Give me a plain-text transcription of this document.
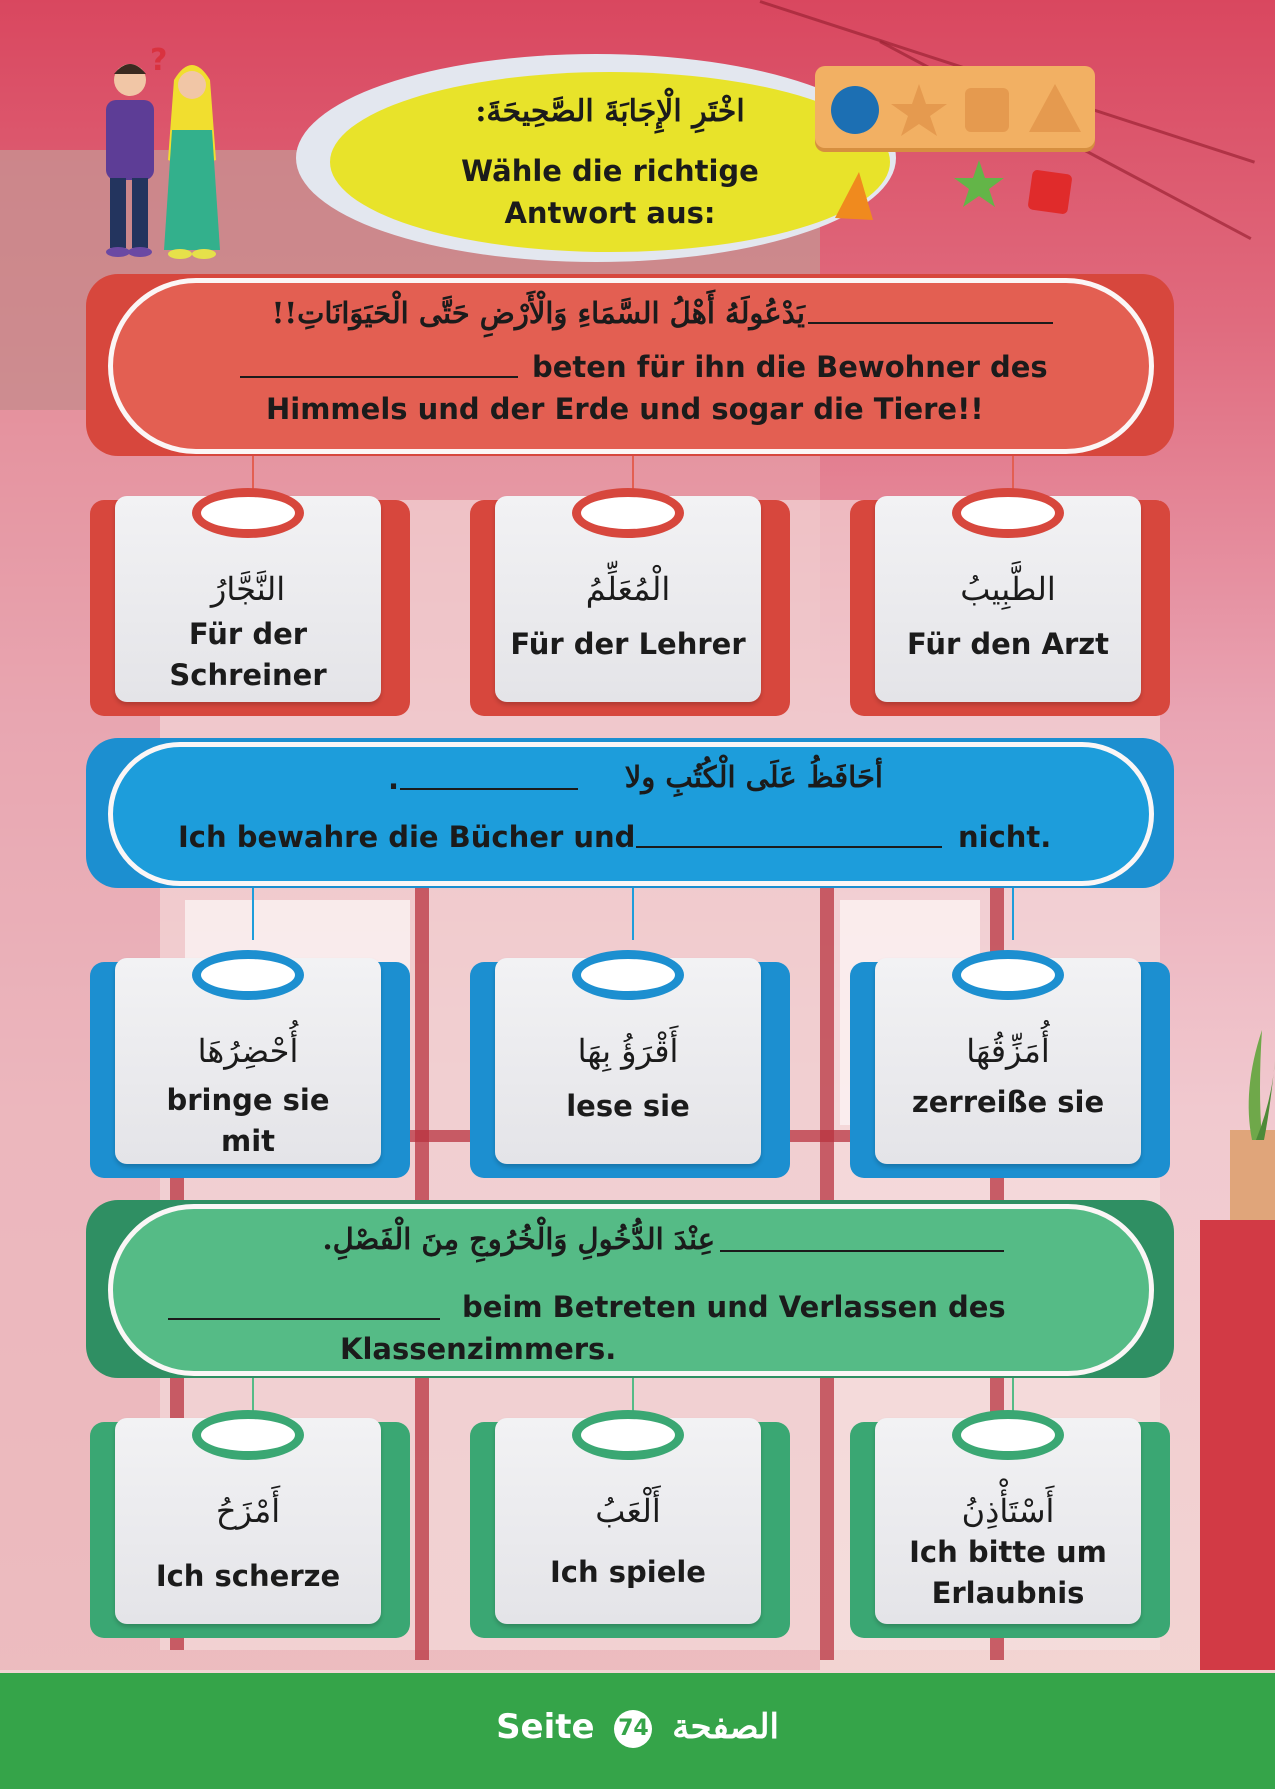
?
اخْتَرِ الْإِجَابَةَ الصَّحِيحَةَ:
Wähle die richtige
Antwort aus:
يَدْعُولَهُ أَهْلُ السَّمَاءِ وَالْأَرْضِ حَتَّى الْحَيَوَانَاتِ!!
beten für ihn die Bewohner des
Himmels und der Erde und sogar die Tiere!!
النَّجَّارُ
Für der
Schreiner
الْمُعَلِّمُ
Für der Lehrer
الطَّبِيبُ
Für den Arzt
.	أحَافَظُ عَلَى الْكُتُبِ ولا
Ich bewahre die Bücher und	nicht.
أُحْضِرُهَا
bringe sie
mit
أَقْرَؤُ بِهَا
lese sie
أُمَزِّقُهَا
zerreiße sie
عِنْدَ الدُّخُولِ وَالْخُرُوجِ مِنَ الْفَصْلِ.
beim Betreten und Verlassen des
Klassenzimmers.
أَمْزَحُ
Ich scherze
أَلْعَبُ
Ich spiele
أَسْتَأْذِنُ
Ich bitte um
Erlaubnis
Seite 74 الصفحة
